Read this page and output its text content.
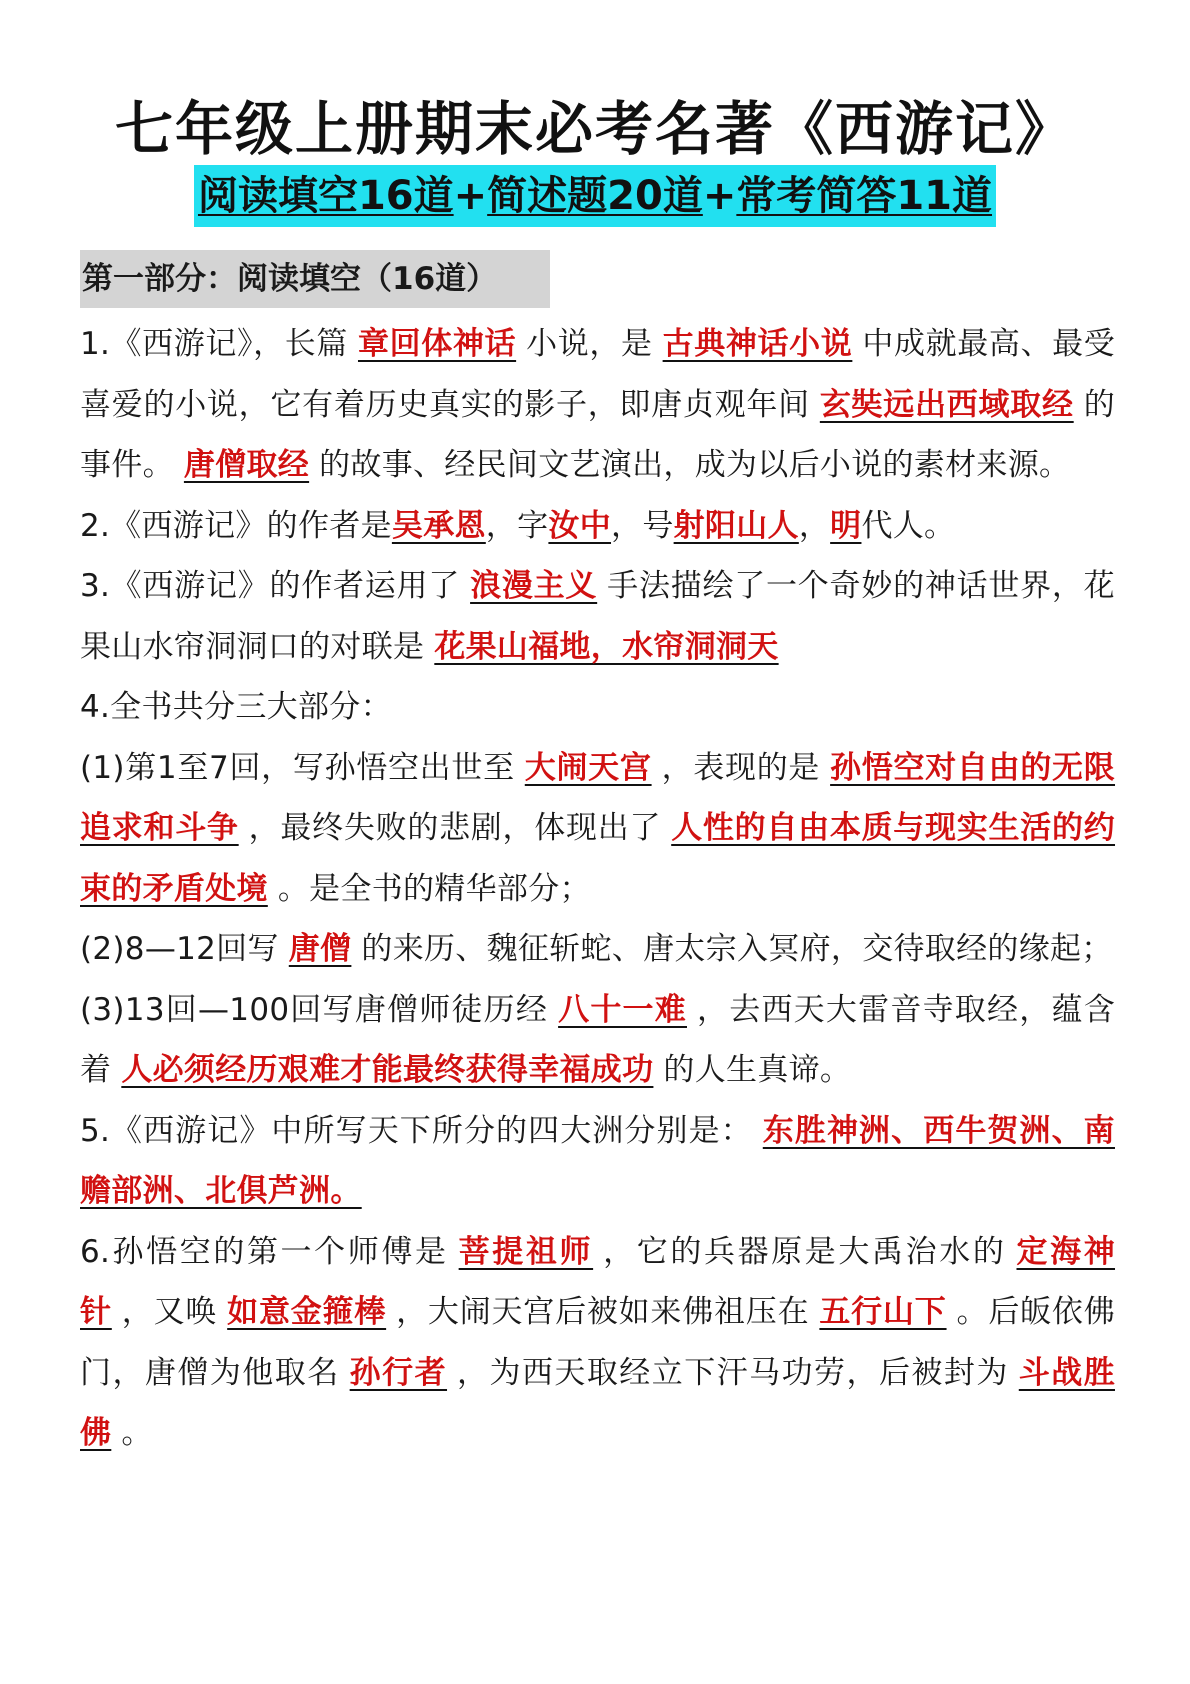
七年级上册期末必考名著《西游记》
阅读填空16道+简述题20道+常考简答11道
第一部分：阅读填空（16道）

1.《西游记》，长篇 章回体神话 小说，是 古典神话小说 中成就最高、最受喜爱的小说，它有着历史真实的影子，即唐贞观年间 玄奘远出西域取经 的事件。 唐僧取经 的故事、经民间文艺演出，成为以后小说的素材来源。

2.《西游记》的作者是吴承恩，字汝中，号射阳山人，明代人。

3.《西游记》的作者运用了 浪漫主义 手法描绘了一个奇妙的神话世界，花果山水帘洞洞口的对联是 花果山福地，水帘洞洞天

4.全书共分三大部分：

(1)第1至7回，写孙悟空出世至 大闹天宫 ，表现的是 孙悟空对自由的无限追求和斗争 ，最终失败的悲剧，体现出了 人性的自由本质与现实生活的约束的矛盾处境 。是全书的精华部分；

(2)8—12回写 唐僧 的来历、魏征斩蛇、唐太宗入冥府，交待取经的缘起；

(3)13回—100回写唐僧师徒历经 八十一难 ，去西天大雷音寺取经，蕴含着 人必须经历艰难才能最终获得幸福成功 的人生真谛。

5.《西游记》中所写天下所分的四大洲分别是： 东胜神洲、西牛贺洲、南赡部洲、北俱芦洲。

6.孙悟空的第一个师傅是 菩提祖师 ，它的兵器原是大禹治水的 定海神针 ，又唤 如意金箍棒 ，大闹天宫后被如来佛祖压在 五行山下 。后皈依佛门，唐僧为他取名 孙行者 ，为西天取经立下汗马功劳，后被封为 斗战胜佛 。
